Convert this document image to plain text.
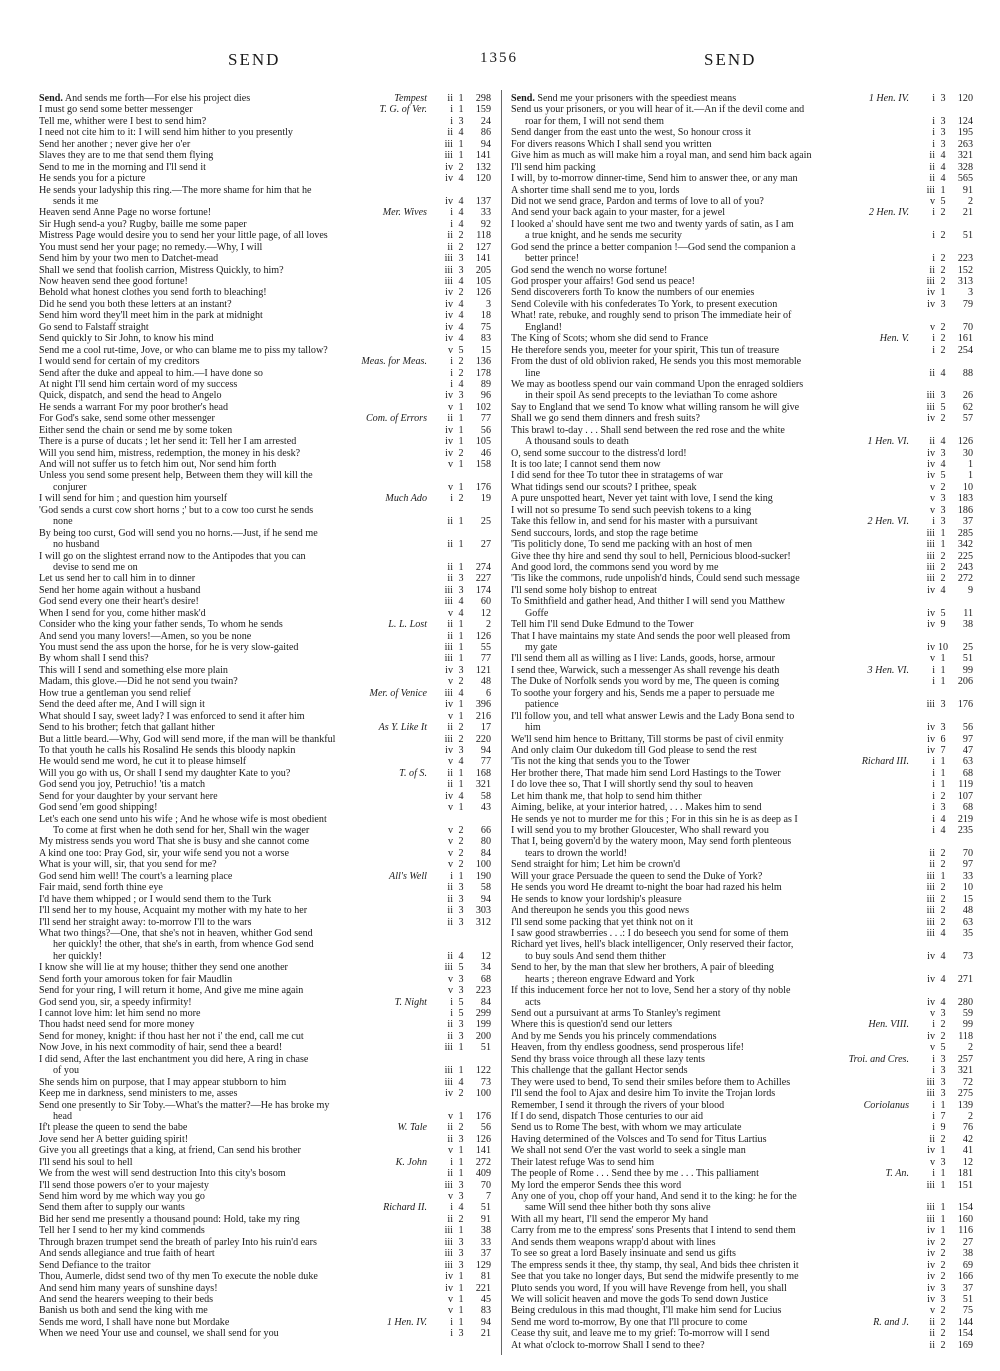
SEND	1356	SEND
Send. And sends me forth—For else his project dies	Tempest ii 1 298
I must go send some better messenger	T. G. of Ver. i 1 159
Tell me, whither were I best to send him?	i 3 24
I need not cite him to it: I will send him hither to you presently	ii 4 86
Send her another ; never give her o'er	iii 1 94
Slaves they are to me that send them flying	iii 1 141
Send to me in the morning and I'll send it	iv 2 132
He sends you for a picture	iv 4 120
He sends your ladyship this ring.—The more shame for him that he
sends it me	iv 4 137
Heaven send Anne Page no worse fortune!	Mer. Wives i 4 33
Sir Hugh send-a you? Rugby, baille me some paper	i 4 92
Mistress Page would desire you to send her your little page, of all loves	ii 2 118
You must send her your page; no remedy.—Why, I will	ii 2 127
Send him by your two men to Datchet-mead	iii 3 141
Shall we send that foolish carrion, Mistress Quickly, to him?	iii 3 205
Now heaven send thee good fortune!	iii 4 105
Behold what honest clothes you send forth to bleaching!	iv 2 126
Did he send you both these letters at an instant?	iv 4 3
Send him word they'll meet him in the park at midnight	iv 4 18
Go send to Falstaff straight	iv 4 75
Send quickly to Sir John, to know his mind	iv 4 83
Send me a cool rut-time, Jove, or who can blame me to piss my tallow?	v 5 15
I would send for certain of my creditors	Meas. for Meas. i 2 136
Send after the duke and appeal to him.—I have done so	i 2 178
At night I'll send him certain word of my success	i 4 89
Quick, dispatch, and send the head to Angelo	iv 3 96
He sends a warrant For my poor brother's head	v 1 102
For God's sake, send some other messenger	Com. of Errors ii 1 77
Either send the chain or send me by some token	iv 1 56
There is a purse of ducats ; let her send it: Tell her I am arrested	iv 1 105
Will you send him, mistress, redemption, the money in his desk?	iv 2 46
And will not suffer us to fetch him out, Nor send him forth	v 1 158
Unless you send some present help, Between them they will kill the
conjurer	v 1 176
I will send for him ; and question him yourself	Much Ado i 2 19
'God sends a curst cow short horns ;' but to a cow too curst he sends
none	ii 1 25
By being too curst, God will send you no horns.—Just, if he send me
no husband	ii 1 27
I will go on the slightest errand now to the Antipodes that you can
devise to send me on	ii 1 274
Let us send her to call him in to dinner	ii 3 227
Send her home again without a husband	iii 3 174
God send every one their heart's desire!	iii 4 60
When I send for you, come hither mask'd	v 4 12
Consider who the king your father sends, To whom he sends	L. L. Lost ii 1 2
And send you many lovers!—Amen, so you be none	ii 1 126
You must send the ass upon the horse, for he is very slow-gaited	iii 1 55
By whom shall I send this?	iii 1 77
This will I send and something else more plain	iv 3 121
Madam, this glove.—Did he not send you twain?	v 2 48
How true a gentleman you send relief	Mer. of Venice iii 4 6
Send the deed after me, And I will sign it	iv 1 396
What should I say, sweet lady? I was enforced to send it after him	v 1 216
Send to his brother; fetch that gallant hither	As Y. Like It ii 2 17
But a little beard.—Why, God will send more, if the man will be thankful	iii 2 220
To that youth he calls his Rosalind He sends this bloody napkin	iv 3 94
He would send me word, he cut it to please himself	v 4 77
Will you go with us, Or shall I send my daughter Kate to you?	T. of S. ii 1 168
God send you joy, Petruchio! 'tis a match	ii 1 321
Send for your daughter by your servant here	iv 4 58
God send 'em good shipping!	v 1 43
Let's each one send unto his wife ; And he whose wife is most obedient
To come at first when he doth send for her, Shall win the wager	v 2 66
My mistress sends you word That she is busy and she cannot come	v 2 80
A kind one too: Pray God, sir, your wife send you not a worse	v 2 84
What is your will, sir, that you send for me?	v 2 100
God send him well! The court's a learning place	All's Well i 1 190
Fair maid, send forth thine eye	ii 3 58
I'd have them whipped ; or I would send them to the Turk	ii 3 94
I'll send her to my house, Acquaint my mother with my hate to her	ii 3 303
I'll send her straight away: to-morrow I'll to the wars	ii 3 312
What two things?—One, that she's not in heaven, whither God send
her quickly! the other, that she's in earth, from whence God send
her quickly!	ii 4 12
I know she will lie at my house; thither they send one another	iii 5 34
Send forth your amorous token for fair Maudlin	v 3 68
Send for your ring, I will return it home, And give me mine again	v 3 223
God send you, sir, a speedy infirmity!	T. Night i 5 84
I cannot love him: let him send no more	i 5 299
Thou hadst need send for more money	ii 3 199
Send for money, knight: if thou hast her not i' the end, call me cut	ii 3 200
Now Jove, in his next commodity of hair, send thee a beard!	iii 1 51
I did send, After the last enchantment you did here, A ring in chase
of you	iii 1 122
She sends him on purpose, that I may appear stubborn to him	iii 4 73
Keep me in darkness, send ministers to me, asses	iv 2 100
Send one presently to Sir Toby.—What's the matter?—He has broke my
head	v 1 176
If't please the queen to send the babe	W. Tale ii 2 56
Jove send her A better guiding spirit!	ii 3 126
Give you all greetings that a king, at friend, Can send his brother	v 1 141
I'll send his soul to hell	K. John i 1 272
We from the west will send destruction Into this city's bosom	ii 1 409
I'll send those powers o'er to your majesty	iii 3 70
Send him word by me which way you go	v 3 7
Send them after to supply our wants	Richard II. i 4 51
Bid her send me presently a thousand pound: Hold, take my ring	ii 2 91
Tell her I send to her my kind commends	iii 1 38
Through brazen trumpet send the breath of parley Into his ruin'd ears	iii 3 33
And sends allegiance and true faith of heart	iii 3 37
Send Defiance to the traitor	iii 3 129
Thou, Aumerle, didst send two of thy men To execute the noble duke	iv 1 81
And send him many years of sunshine days!	iv 1 221
And send the hearers weeping to their beds	v 1 45
Banish us both and send the king with me	v 1 83
Sends me word, I shall have none but Mordake	1 Hen. IV. i 1 94
When we need Your use and counsel, we shall send for you	i 3 21
Send. Send me your prisoners with the speediest means	1 Hen. IV. i 3 120
Send us your prisoners, or you will hear of it.—An if the devil come and
roar for them, I will not send them	i 3 124
Send danger from the east unto the west, So honour cross it	i 3 195
For divers reasons Which I shall send you written	i 3 263
Give him as much as will make him a royal man, and send him back again	ii 4 321
I'll send him packing	ii 4 328
I will, by to-morrow dinner-time, Send him to answer thee, or any man	ii 4 565
A shorter time shall send me to you, lords	iii 1 91
Did not we send grace, Pardon and terms of love to all of you?	v 5 2
And send your back again to your master, for a jewel	2 Hen. IV. i 2 21
I looked a' should have sent me two and twenty yards of satin, as I am
a true knight, and he sends me security	i 2 51
God send the prince a better companion !—God send the companion a
better prince!	i 2 223
God send the wench no worse fortune!	ii 2 152
God prosper your affairs! God send us peace!	iii 2 313
Send discoverers forth To know the numbers of our enemies	iv 1 3
Send Colevile with his confederates To York, to present execution	iv 3 79
What! rate, rebuke, and roughly send to prison The immediate heir of
England!	v 2 70
The King of Scots; whom she did send to France	Hen. V. i 2 161
He therefore sends you, meeter for your spirit, This tun of treasure	i 2 254
From the dust of old oblivion raked, He sends you this most memorable
line	ii 4 88
We may as bootless spend our vain command Upon the enraged soldiers
in their spoil As send precepts to the leviathan To come ashore	iii 3 26
Say to England that we send To know what willing ransom he will give	iii 5 62
Shall we go send them dinners and fresh suits?	iv 2 57
This brawl to-day . . . Shall send between the red rose and the white
A thousand souls to death	1 Hen. VI. ii 4 126
O, send some succour to the distress'd lord!	iv 3 30
It is too late; I cannot send them now	iv 4 1
I did send for thee To tutor thee in stratagems of war	iv 5 1
What tidings send our scouts? I prithee, speak	v 2 10
A pure unspotted heart, Never yet taint with love, I send the king	v 3 183
I will not so presume To send such peevish tokens to a king	v 3 186
Take this fellow in, and send for his master with a pursuivant	2 Hen. VI. i 3 37
Send succours, lords, and stop the rage betime	iii 1 285
'Tis politicly done, To send me packing with an host of men	iii 1 342
Give thee thy hire and send thy soul to hell, Pernicious blood-sucker!	iii 2 225
And good lord, the commons send you word by me	iii 2 243
'Tis like the commons, rude unpolish'd hinds, Could send such message	iii 2 272
I'll send some holy bishop to entreat	iv 4 9
To Smithfield and gather head, And thither I will send you Matthew
Goffe	iv 5 11
Tell him I'll send Duke Edmund to the Tower	iv 9 38
That I have maintains my state And sends the poor well pleased from
my gate	iv 10 25
I'll send them all as willing as I live: Lands, goods, horse, armour	v 1 51
I send thee, Warwick, such a messenger As shall revenge his death	3 Hen. VI. i 1 99
The Duke of Norfolk sends you word by me, The queen is coming	i 1 206
To soothe your forgery and his, Sends me a paper to persuade me
patience	iii 3 176
I'll follow you, and tell what answer Lewis and the Lady Bona send to
him	iv 3 56
We'll send him hence to Brittany, Till storms be past of civil enmity	iv 6 97
And only claim Our dukedom till God please to send the rest	iv 7 47
'Tis not the king that sends you to the Tower	Richard III. i 1 63
Her brother there, That made him send Lord Hastings to the Tower	i 1 68
I do love thee so, That I will shortly send thy soul to heaven	i 1 119
Let him thank me, that holp to send him thither	i 2 107
Aiming, belike, at your interior hatred, . . . Makes him to send	i 3 68
He sends ye not to murder me for this ; For in this sin he is as deep as I	i 4 219
I will send you to my brother Gloucester, Who shall reward you	i 4 235
That I, being govern'd by the watery moon, May send forth plenteous
tears to drown the world!	ii 2 70
Send straight for him; Let him be crown'd	ii 2 97
Will your grace Persuade the queen to send the Duke of York?	iii 1 33
He sends you word He dreamt to-night the boar had razed his helm	iii 2 10
He sends to know your lordship's pleasure	iii 2 15
And thereupon he sends you this good news	iii 2 48
I'll send some packing that yet think not on it	iii 2 63
I saw good strawberries . . .: I do beseech you send for some of them	iii 4 35
Richard yet lives, hell's black intelligencer, Only reserved their factor,
to buy souls And send them thither	iv 4 73
Send to her, by the man that slew her brothers, A pair of bleeding
hearts ; thereon engrave Edward and York	iv 4 271
If this inducement force her not to love, Send her a story of thy noble
acts	iv 4 280
Send out a pursuivant at arms To Stanley's regiment	v 3 59
Where this is question'd send our letters	Hen. VIII. i 2 99
And by me Sends you his princely commendations	iv 2 118
Heaven, from thy endless goodness, send prosperous life!	v 5 2
Send thy brass voice through all these lazy tents	Troi. and Cres. i 3 257
This challenge that the gallant Hector sends	i 3 321
They were used to bend, To send their smiles before them to Achilles	iii 3 72
I'll send the fool to Ajax and desire him To invite the Trojan lords	iii 3 275
Remember, I send it through the rivers of your blood	Coriolanus i 1 139
If I do send, dispatch Those centuries to our aid	i 7 2
Send us to Rome The best, with whom we may articulate	i 9 76
Having determined of the Volsces and To send for Titus Lartius	ii 2 42
We shall not send O'er the vast world to seek a single man	iv 1 41
Their latest refuge Was to send him	v 3 12
The people of Rome . . . Send thee by me . . . This palliament	T. An. i 1 181
My lord the emperor Sends thee this word	iii 1 151
Any one of you, chop off your hand, And send it to the king: he for the
same Will send thee hither both thy sons alive	iii 1 154
With all my heart, I'll send the emperor My hand	iii 1 160
Carry from me to the empress' sons Presents that I intend to send them	iv 1 116
And sends them weapons wrapp'd about with lines	iv 2 27
To see so great a lord Basely insinuate and send us gifts	iv 2 38
The empress sends it thee, thy stamp, thy seal, And bids thee christen it	iv 2 69
See that you take no longer days, But send the midwife presently to me	iv 2 166
Pluto sends you word, If you will have Revenge from hell, you shall	iv 3 37
We will solicit heaven and move the gods To send down Justice	iv 3 51
Being credulous in this mad thought, I'll make him send for Lucius	v 2 75
Send me word to-morrow, By one that I'll procure to come	R. and J. ii 2 144
Cease thy suit, and leave me to my grief: To-morrow will I send	ii 2 154
At what o'clock to-morrow Shall I send to thee?	ii 2 169
